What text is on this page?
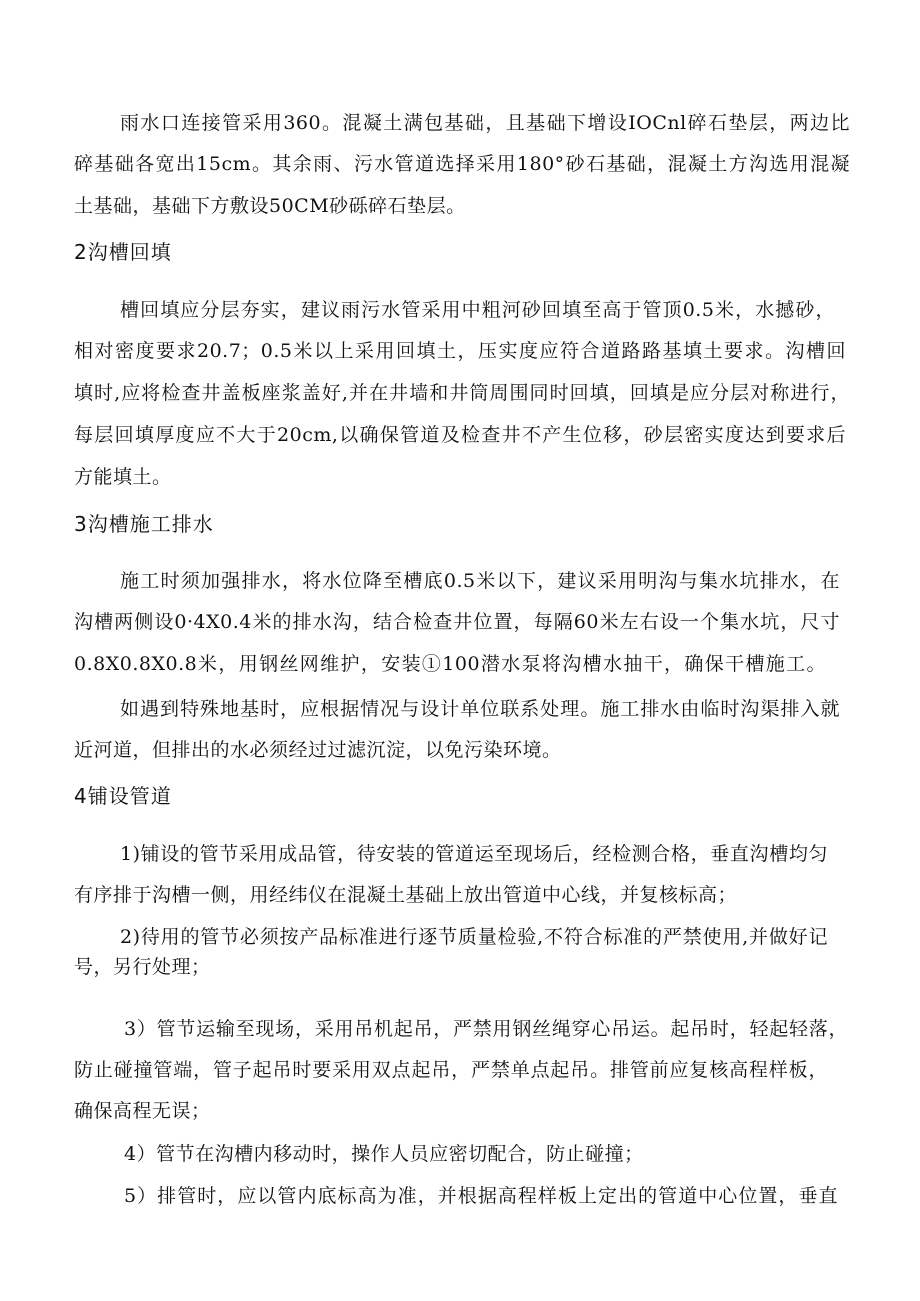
雨水口连接管采用360。混凝土满包基础，且基础下增设IOCnl碎石垫层，两边比
碎基础各宽出15cm。其余雨、污水管道选择采用180°砂石基础，混凝土方沟选用混凝
土基础，基础下方敷设50CM砂砾碎石垫层。
2沟槽回填
槽回填应分层夯实，建议雨污水管采用中粗河砂回填至高于管顶0.5米，水撼砂，
相对密度要求20.7；0.5米以上采用回填土，压实度应符合道路路基填土要求。沟槽回
填时,应将检查井盖板座浆盖好,并在井墙和井筒周围同时回填，回填是应分层对称进行，
每层回填厚度应不大于20cm,以确保管道及检查井不产生位移，砂层密实度达到要求后
方能填土。
3沟槽施工排水
施工时须加强排水，将水位降至槽底0.5米以下，建议采用明沟与集水坑排水，在
沟槽两侧设0·4X0.4米的排水沟，结合检查井位置，每隔60米左右设一个集水坑，尺寸
0.8X0.8X0.8米，用钢丝网维护，安装①100潜水泵将沟槽水抽干，确保干槽施工。
如遇到特殊地基时，应根据情况与设计单位联系处理。施工排水由临时沟渠排入就
近河道，但排出的水必须经过过滤沉淀，以免污染环境。
4铺设管道
1)铺设的管节采用成品管，待安装的管道运至现场后，经检测合格，垂直沟槽均匀
有序排于沟槽一侧，用经纬仪在混凝土基础上放出管道中心线，并复核标高；
2)待用的管节必须按产品标准进行逐节质量检验,不符合标准的严禁使用,并做好记
号，另行处理；
3）管节运输至现场，采用吊机起吊，严禁用钢丝绳穿心吊运。起吊时，轻起轻落，
防止碰撞管端，管子起吊时要采用双点起吊，严禁单点起吊。排管前应复核高程样板，
确保高程无误；
4）管节在沟槽内移动时，操作人员应密切配合，防止碰撞；
5）排管时，应以管内底标高为准，并根据高程样板上定出的管道中心位置，垂直
